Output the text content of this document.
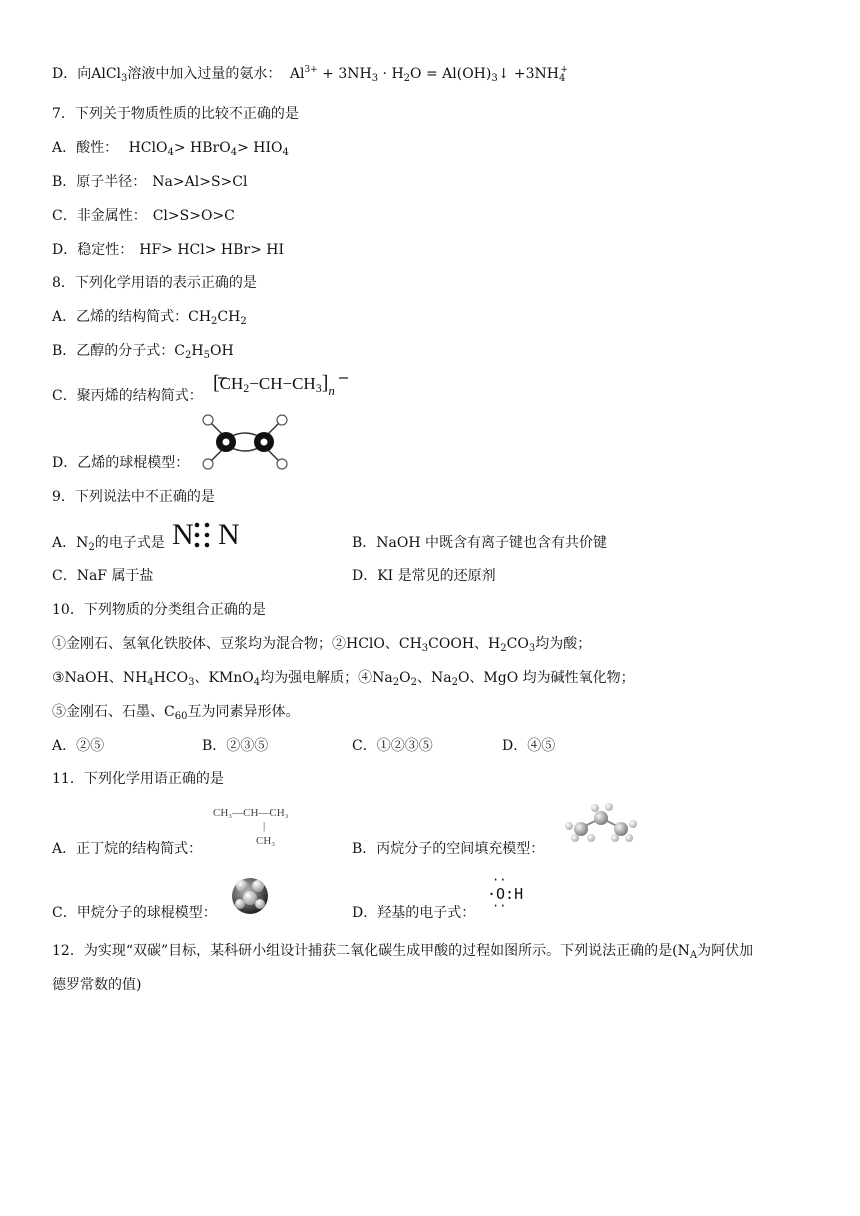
D．向AlCl$_3$溶液中加入过量的氨水： $Al^{3+} + 3NH_3 \cdot H_2O$ = $Al(OH)_3↓ +3NH_4^+$
7．下列关于物质性质的比较不正确的是
A．酸性： HClO$_4$> HBrO$_4$> $HIO_4$
B．原子半径： Na>Al>S>Cl
C．非金属性： Cl>S>O>C
D．稳定性： HF> HCl> HBr> HI
8．下列化学用语的表示正确的是
A．乙烯的结构简式：$CH_2CH_2$
B．乙醇的分子式：$C_2H_5OH$
C．聚丙烯的结构简式：
$[CH_2-CH-CH_3]_n$
D．乙烯的球棍模型：
9．下列说法中不正确的是
A．$N_2$的电子式是 N N	B．NaOH 中既含有离子键也含有共价键
C．NaF 属于盐	D．KI 是常见的还原剂
10．下列物质的分类组合正确的是
①金刚石、氢氧化铁胶体、豆浆均为混合物；②HClO、$CH_3COOH$、$H_2CO_3$均为酸；
③NaOH、$NH_4HCO_3$、KMnO$_4$均为强电解质；$④Na_2O_2$、$Na_2O$、MgO 均为碱性氧化物；
⑤金刚石、石墨、$C_{60}$互为同素异形体。
A．②⑤	B．②③⑤	C．①②③⑤	D．④⑤
11．下列化学用语正确的是
A．正丁烷的结构简式：
CH₃—CH—CH₃
|
CH₃	B．丙烷分子的空间填充模型：
C．甲烷分子的球棍模型：	D．羟基的电子式：
··
·O:H
··
12．为实现“双碳”目标，某科研小组设计捕获二氧化碳生成甲酸的过程如图所示。下列说法正确的是($N_A$为阿伏加
德罗常数的值)
